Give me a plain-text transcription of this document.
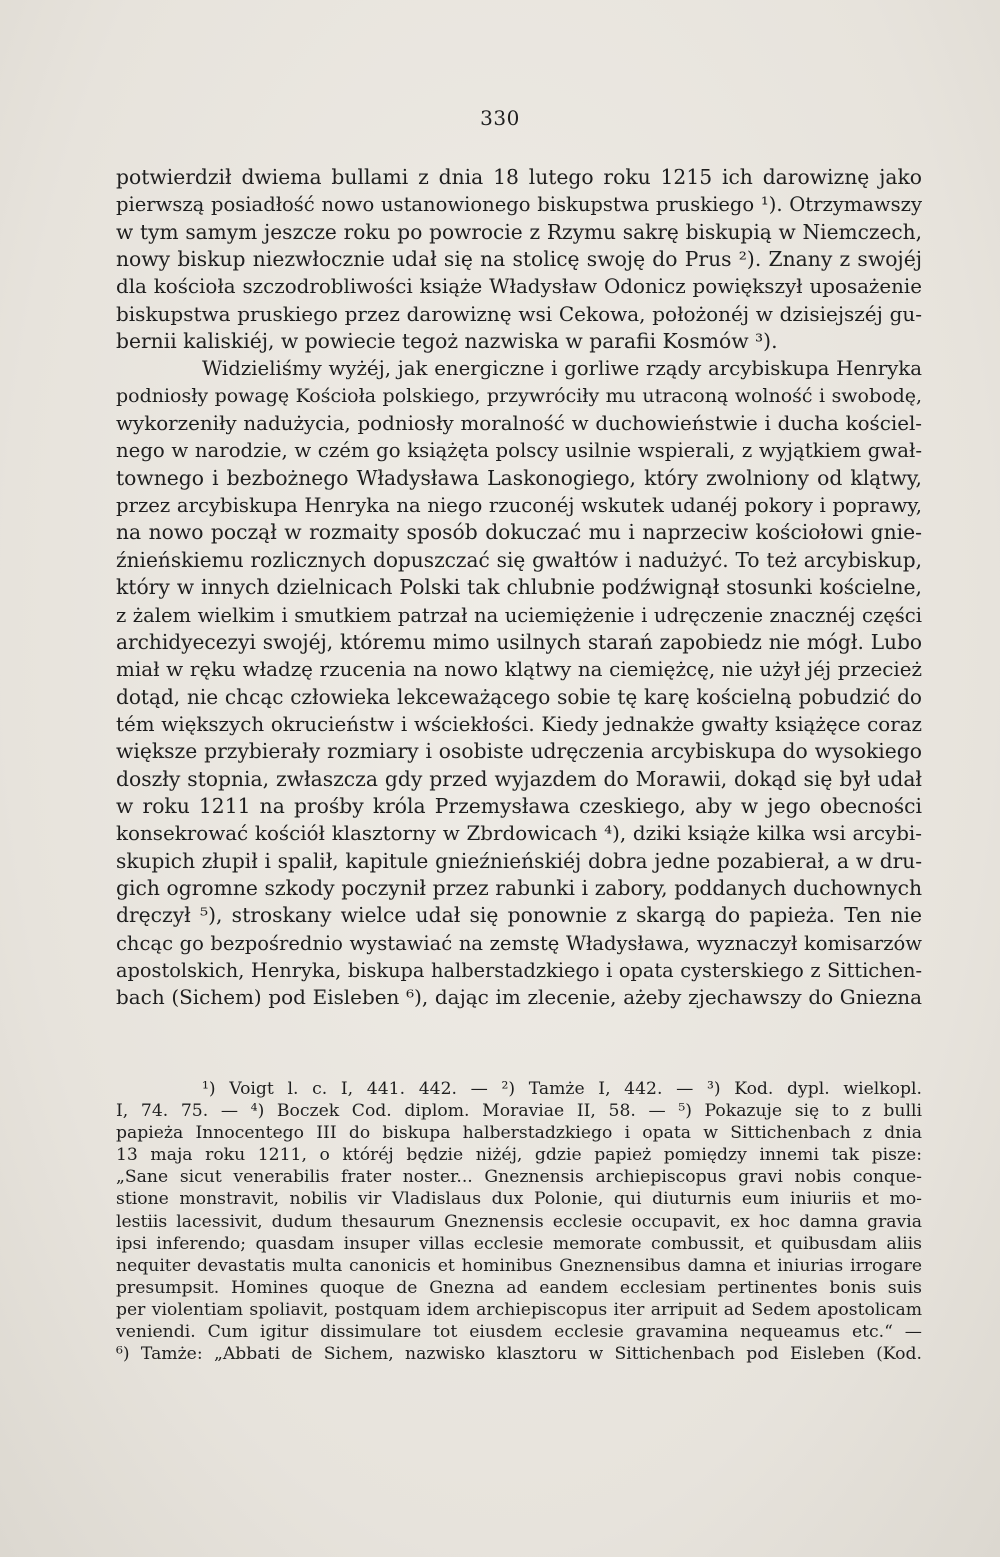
330
potwierdził dwiema bullami z dnia 18 lutego roku 1215 ich darowiznę jako
pierwszą posiadłość nowo ustanowionego biskupstwa pruskiego ¹). Otrzymawszy
w tym samym jeszcze roku po powrocie z Rzymu sakrę biskupią w Niemczech,
nowy biskup niezwłocznie udał się na stolicę swoję do Prus ²). Znany z swojéj
dla kościoła szczodrobliwości książe Władysław Odonicz powiększył uposażenie
biskupstwa pruskiego przez darowiznę wsi Cekowa, położonéj w dzisiejszéj gu-
bernii kaliskiéj, w powiecie tegoż nazwiska w parafii Kosmów ³).
Widzieliśmy wyżéj, jak energiczne i gorliwe rządy arcybiskupa Henryka
podniosły powagę Kościoła polskiego, przywróciły mu utraconą wolność i swobodę,
wykorzeniły nadużycia, podniosły moralność w duchowieństwie i ducha kościel-
nego w narodzie, w czém go książęta polscy usilnie wspierali, z wyjątkiem gwał-
townego i bezbożnego Władysława Laskonogiego, który zwolniony od klątwy,
przez arcybiskupa Henryka na niego rzuconéj wskutek udanéj pokory i poprawy,
na nowo począł w rozmaity sposób dokuczać mu i naprzeciw kościołowi gnie-
źnieńskiemu rozlicznych dopuszczać się gwałtów i nadużyć. To też arcybiskup,
który w innych dzielnicach Polski tak chlubnie podźwignął stosunki kościelne,
z żalem wielkim i smutkiem patrzał na uciemiężenie i udręczenie znacznéj części
archidyecezyi swojéj, któremu mimo usilnych starań zapobiedz nie mógł. Lubo
miał w ręku władzę rzucenia na nowo klątwy na ciemiężcę, nie użył jéj przecież
dotąd, nie chcąc człowieka lekceważącego sobie tę karę kościelną pobudzić do
tém większych okrucieństw i wściekłości. Kiedy jednakże gwałty książęce coraz
większe przybierały rozmiary i osobiste udręczenia arcybiskupa do wysokiego
doszły stopnia, zwłaszcza gdy przed wyjazdem do Morawii, dokąd się był udał
w roku 1211 na prośby króla Przemysława czeskiego, aby w jego obecności
konsekrować kościół klasztorny w Zbrdowicach ⁴), dziki książe kilka wsi arcybi-
skupich złupił i spalił, kapitule gnieźnieńskiéj dobra jedne pozabierał, a w dru-
gich ogromne szkody poczynił przez rabunki i zabory, poddanych duchownych
dręczył ⁵), stroskany wielce udał się ponownie z skargą do papieża. Ten nie
chcąc go bezpośrednio wystawiać na zemstę Władysława, wyznaczył komisarzów
apostolskich, Henryka, biskupa halberstadzkiego i opata cysterskiego z Sittichen-
bach (Sichem) pod Eisleben ⁶), dając im zlecenie, ażeby zjechawszy do Gniezna
¹) Voigt l. c. I, 441. 442. — ²) Tamże I, 442. — ³) Kod. dypl. wielkopl.
I, 74. 75. — ⁴) Boczek Cod. diplom. Moraviae II, 58. — ⁵) Pokazuje się to z bulli
papieża Innocentego III do biskupa halberstadzkiego i opata w Sittichenbach z dnia
13 maja roku 1211, o któréj będzie niżéj, gdzie papież pomiędzy innemi tak pisze:
„Sane sicut venerabilis frater noster... Gneznensis archiepiscopus gravi nobis conque-
stione monstravit, nobilis vir Vladislaus dux Polonie, qui diuturnis eum iniuriis et mo-
lestiis lacessivit, dudum thesaurum Gneznensis ecclesie occupavit, ex hoc damna gravia
ipsi inferendo; quasdam insuper villas ecclesie memorate combussit, et quibusdam aliis
nequiter devastatis multa canonicis et hominibus Gneznensibus damna et iniurias irrogare
presumpsit. Homines quoque de Gnezna ad eandem ecclesiam pertinentes bonis suis
per violentiam spoliavit, postquam idem archiepiscopus iter arripuit ad Sedem apostolicam
veniendi. Cum igitur dissimulare tot eiusdem ecclesie gravamina nequeamus etc.“ —
⁶) Tamże: „Abbati de Sichem, nazwisko klasztoru w Sittichenbach pod Eisleben (Kod.
